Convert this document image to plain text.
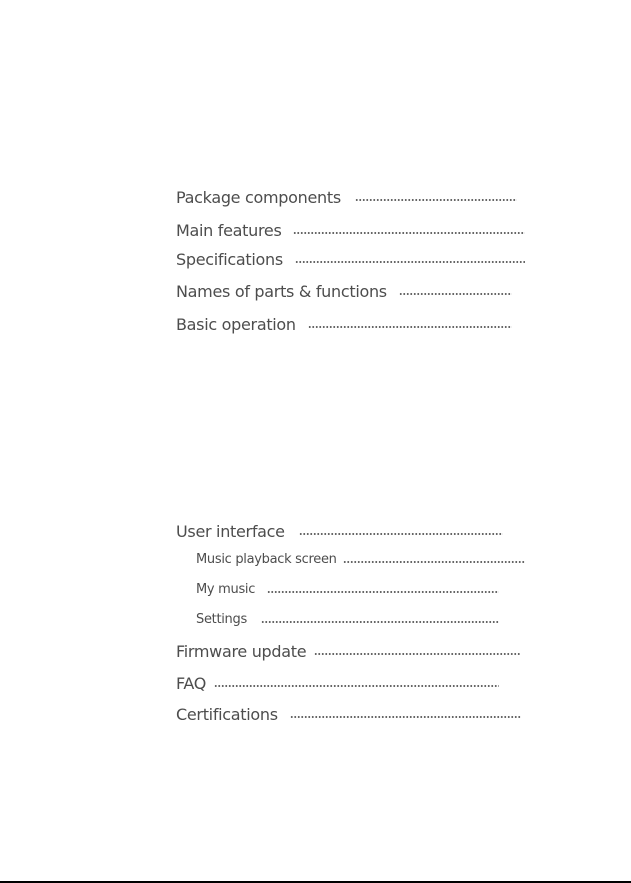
Package components
Main features
Specifications
Names of parts & functions
Basic operation
User interface
Music playback screen
My music
Settings
Firmware update
FAQ
Certifications
